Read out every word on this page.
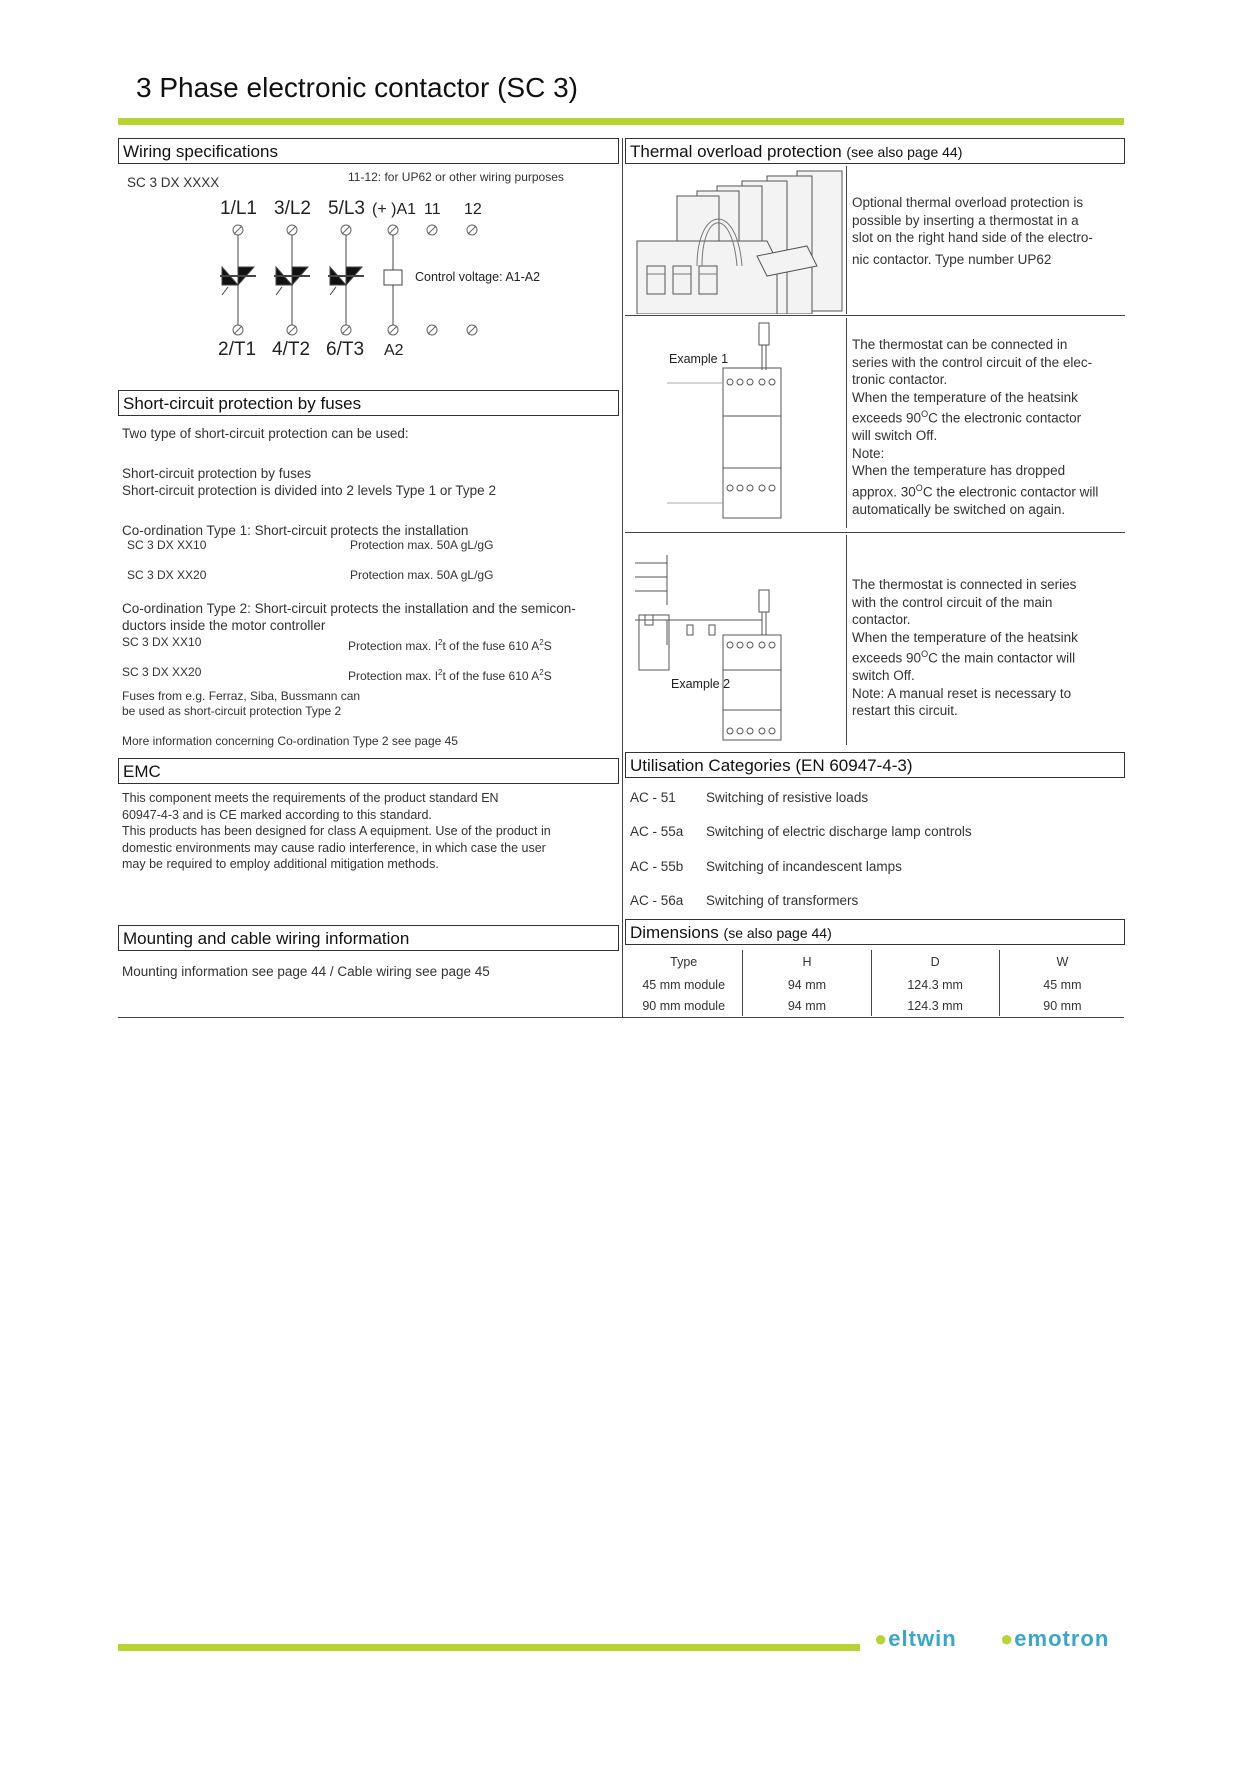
3 Phase electronic contactor (SC 3)
Wiring specifications
SC 3 DX XXXX	11-12: for UP62 or other wiring purposes
1/L1 3/L2 5/L3 (+ )A1 11 12
Control voltage: A1-A2
2/T1 4/T2 6/T3 A2
Short-circuit protection by fuses
Two type of short-circuit protection can be used:
Short-circuit protection by fuses
Short-circuit protection is divided into 2 levels Type 1 or Type 2
Co-ordination Type 1: Short-circuit protects the installation
SC 3 DX XX10	Protection max. 50A gL/gG
SC 3 DX XX20	Protection max. 50A gL/gG
Co-ordination Type 2: Short-circuit protects the installation and the semicon-
ductors inside the motor controller
SC 3 DX XX10	Protection max. $I^2t$ of the fuse 610 $A^2S$
SC 3 DX XX20	Protection max. $I^2t$ of the fuse 610 $A^2S$
Fuses from e.g. Ferraz, Siba, Bussmann can
be used as short-circuit protection Type 2
More information concerning Co-ordination Type 2 see page 45
EMC
This component meets the requirements of the product standard EN
60947-4-3 and is CE marked according to this standard.
This products has been designed for class A equipment. Use of the product in
domestic environments may cause radio interference, in which case the user
may be required to employ additional mitigation methods.
Mounting and cable wiring information
Mounting information see page 44 / Cable wiring see page 45
Thermal overload protection (see also page 44)
Optional thermal overload protection is
possible by inserting a thermostat in a
slot on the right hand side of the electro-
nic contactor. Type number UP62
Example 1
The thermostat can be connected in
series with the control circuit of the elec-
tronic contactor.
When the temperature of the heatsink
exceeds $90^OC$ the electronic contactor
will switch Off.
Note:
When the temperature has dropped
approx. $30^OC$ the electronic contactor will
automatically be switched on again.
Example 2
The thermostat is connected in series
with the control circuit of the main
contactor.
When the temperature of the heatsink
exceeds $90^OC$ the main contactor will
switch Off.
Note: A manual reset is necessary to
restart this circuit.
Utilisation Categories (EN 60947-4-3)
AC - 51 Switching of resistive loads
AC - 55a Switching of electric discharge lamp controls
AC - 55b Switching of incandescent lamps
AC - 56a Switching of transformers
Dimensions (se also page 44)
Type	H	D	W
45 mm module	94 mm	124.3 mm	45 mm
90 mm module	94 mm	124.3 mm	90 mm
●eltwin ●emotron
